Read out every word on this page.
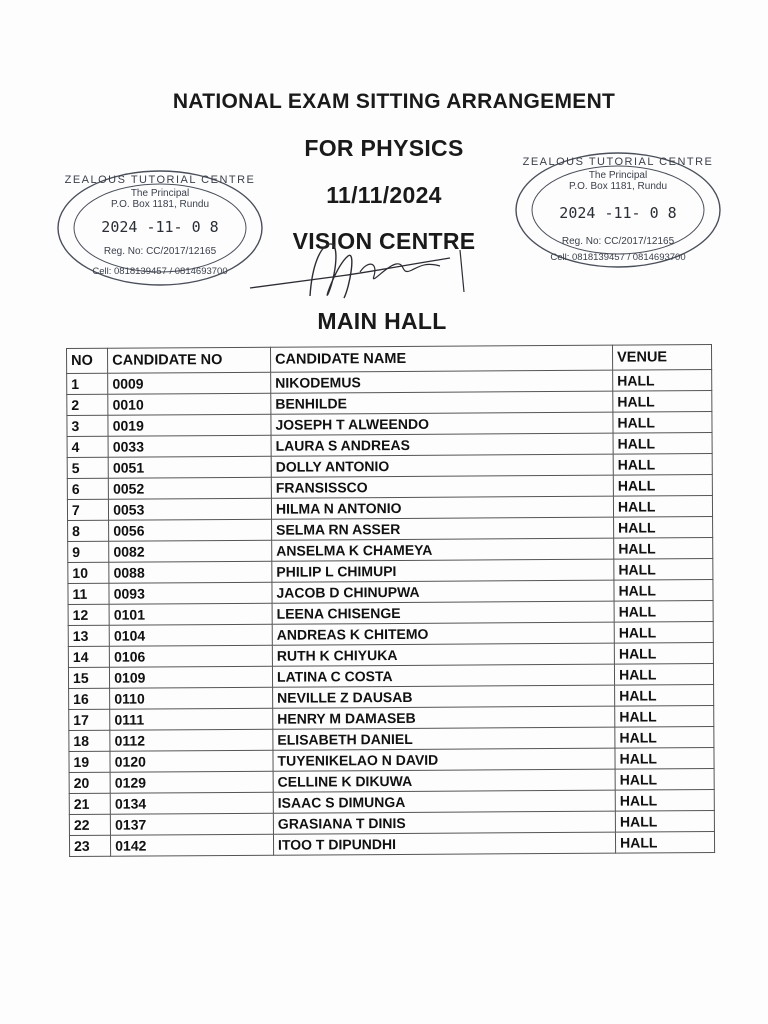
NATIONAL EXAM SITTING ARRANGEMENT
FOR PHYSICS
11/11/2024
VISION CENTRE
MAIN HALL
ZEALOUS TUTORIAL CENTRE
The Principal
P.O. Box 1181, Rundu
2024 -11- 0 8
Reg. No: CC/2017/12165
Cell: 0818139457 / 0814693700
ZEALOUS TUTORIAL CENTRE
The Principal
P.O. Box 1181, Rundu
2024 -11- 0 8
Reg. No: CC/2017/12165
Cell: 0818139457 / 0814693700
NO	CANDIDATE NO	CANDIDATE NAME	VENUE
1	0009	NIKODEMUS	HALL
2	0010	BENHILDE	HALL
3	0019	JOSEPH T ALWEENDO	HALL
4	0033	LAURA S ANDREAS	HALL
5	0051	DOLLY ANTONIO	HALL
6	0052	FRANSISSCO	HALL
7	0053	HILMA N ANTONIO	HALL
8	0056	SELMA RN ASSER	HALL
9	0082	ANSELMA K CHAMEYA	HALL
10	0088	PHILIP L CHIMUPI	HALL
11	0093	JACOB D CHINUPWA	HALL
12	0101	LEENA CHISENGE	HALL
13	0104	ANDREAS K CHITEMO	HALL
14	0106	RUTH K CHIYUKA	HALL
15	0109	LATINA C COSTA	HALL
16	0110	NEVILLE Z DAUSAB	HALL
17	0111	HENRY M DAMASEB	HALL
18	0112	ELISABETH DANIEL	HALL
19	0120	TUYENIKELAO N DAVID	HALL
20	0129	CELLINE K DIKUWA	HALL
21	0134	ISAAC S DIMUNGA	HALL
22	0137	GRASIANA T DINIS	HALL
23	0142	ITOO T DIPUNDHI	HALL
